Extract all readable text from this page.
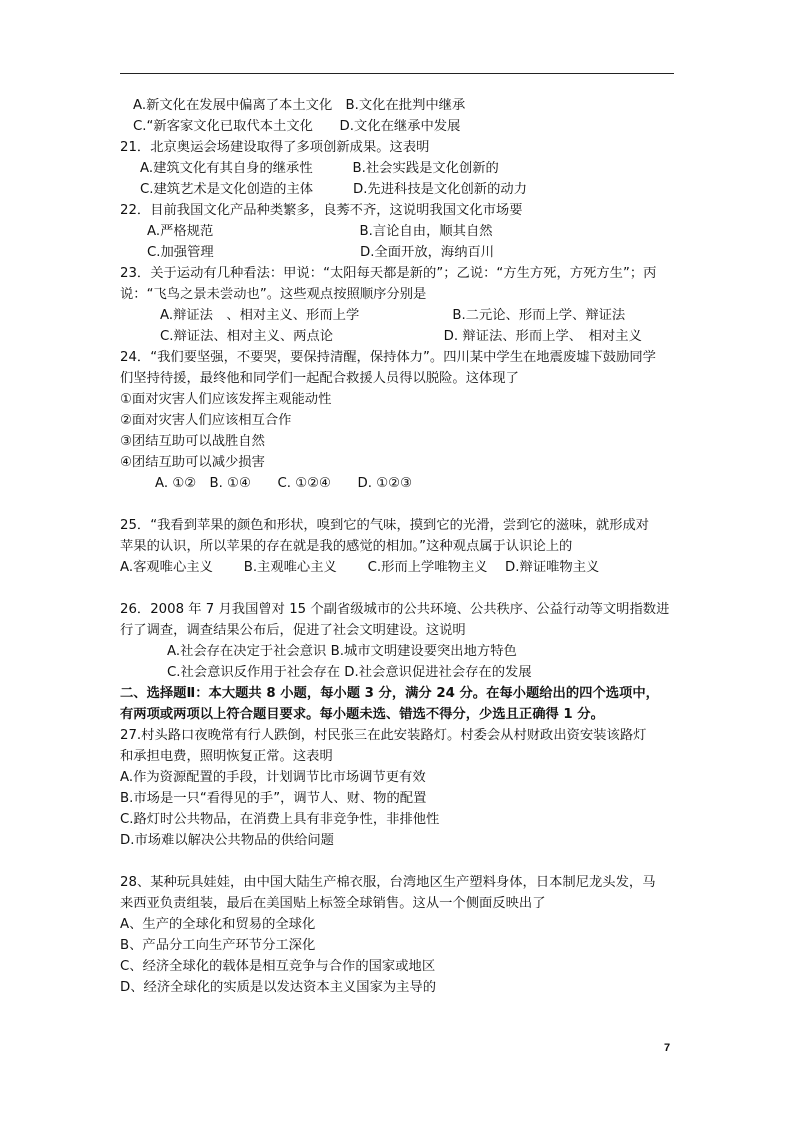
A.新文化在发展中偏离了本土文化　B.文化在批判中继承
C.“新客家文化已取代本土文化　　D.文化在继承中发展
21．北京奥运会场建设取得了多项创新成果。这表明
A.建筑文化有其自身的继承性　　　B.社会实践是文化创新的
C.建筑艺术是文化创造的主体　　　D.先进科技是文化创新的动力
22．目前我国文化产品种类繁多，良莠不齐，这说明我国文化市场要
A.严格规范　　　　　　　　　　　B.言论自由，顺其自然
C.加强管理　　　　　　　　　　　D.全面开放，海纳百川
23．关于运动有几种看法：甲说：“太阳每天都是新的”；乙说：“方生方死，方死方生”；丙
说：“飞鸟之景未尝动也”。这些观点按照顺序分别是
A.辩证法　、相对主义、形而上学　　　　　　　B.二元论、形而上学、辩证法
C.辩证法、相对主义、两点论　　　　　　　　 D. 辩证法、形而上学、　相对主义
24．“我们要坚强，不要哭，要保持清醒，保持体力”。四川某中学生在地震废墟下鼓励同学
们坚持待援，最终他和同学们一起配合救援人员得以脱险。这体现了
①面对灾害人们应该发挥主观能动性
②面对灾害人们应该相互合作
③团结互助可以战胜自然
④团结互助可以减少损害
A. ①②　B. ①④　　C. ①②④　　D. ①②③
25．“我看到苹果的颜色和形状，嗅到它的气味，摸到它的光滑，尝到它的滋味，就形成对
苹果的认识，所以苹果的存在就是我的感觉的相加。”这种观点属于认识论上的
A.客观唯心主义　　 B.主观唯心主义　　 C.形而上学唯物主义　 D.辩证唯物主义
26．2008 年 7 月我国曾对 15 个副省级城市的公共环境、公共秩序、公益行动等文明指数进
行了调查，调查结果公布后，促进了社会文明建设。这说明
A.社会存在决定于社会意识 B.城市文明建设要突出地方特色
C.社会意识反作用于社会存在 D.社会意识促进社会存在的发展
二、选择题Ⅱ：本大题共 8 小题，每小题 3 分，满分 24 分。在每小题给出的四个选项中，
有两项或两项以上符合题目要求。每小题未选、错选不得分，少选且正确得 1 分。
27.村头路口夜晚常有行人跌倒，村民张三在此安装路灯。村委会从村财政出资安装该路灯
和承担电费，照明恢复正常。这表明
A.作为资源配置的手段，计划调节比市场调节更有效
B.市场是一只“看得见的手”，调节人、财、物的配置
C.路灯时公共物品，在消费上具有非竞争性，非排他性
D.市场难以解决公共物品的供给问题
28、某种玩具娃娃，由中国大陆生产棉衣服，台湾地区生产塑料身体，日本制尼龙头发，马
来西亚负责组装，最后在美国贴上标签全球销售。这从一个侧面反映出了
A、生产的全球化和贸易的全球化
B、产品分工向生产环节分工深化
C、经济全球化的载体是相互竞争与合作的国家或地区
D、经济全球化的实质是以发达资本主义国家为主导的
7
